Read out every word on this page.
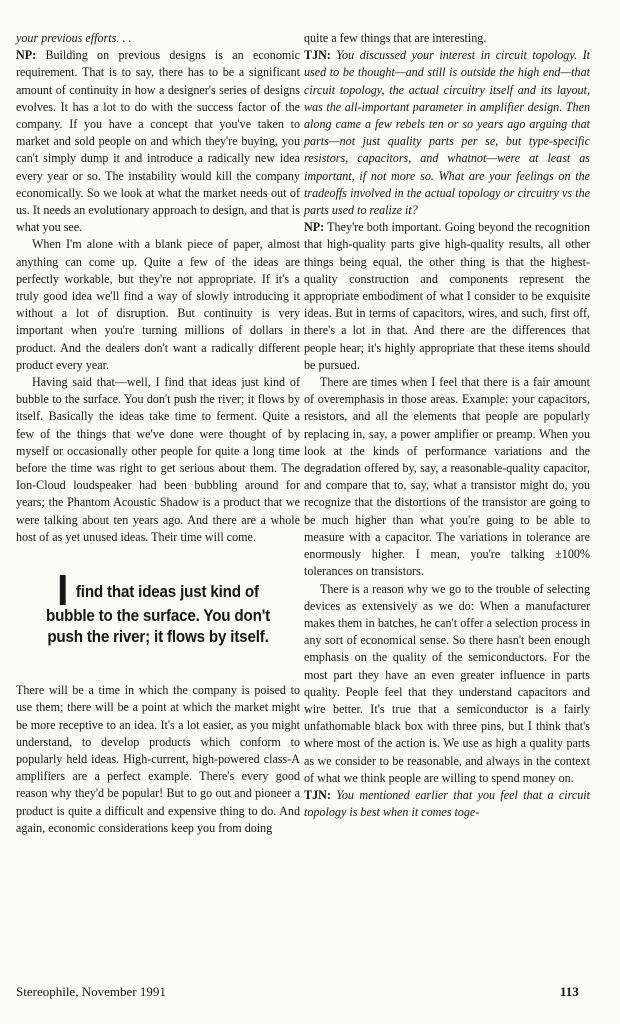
your previous efforts. . .

NP: Building on previous designs is an economic requirement. That is to say, there has to be a significant amount of continuity in how a designer's series of designs evolves. It has a lot to do with the success factor of the company. If you have a concept that you've taken to market and sold people on and which they're buying, you can't simply dump it and introduce a radically new idea every year or so. The instability would kill the company economically. So we look at what the market needs out of us. It needs an evolutionary approach to design, and that is what you see.

When I'm alone with a blank piece of paper, almost anything can come up. Quite a few of the ideas are perfectly workable, but they're not appropriate. If it's a truly good idea we'll find a way of slowly introducing it without a lot of disruption. But continuity is very important when you're turning millions of dollars in product. And the dealers don't want a radically different product every year.

Having said that—well, I find that ideas just kind of bubble to the surface. You don't push the river; it flows by itself. Basically the ideas take time to ferment. Quite a few of the things that we've done were thought of by myself or occasionally other people for quite a long time before the time was right to get serious about them. The Ion-Cloud loudspeaker had been bubbling around for years; the Phantom Acoustic Shadow is a product that we were talking about ten years ago. And there are a whole host of as yet unused ideas. Their time will come.

I find that ideas just kind of bubble to the surface. You don't push the river; it flows by itself.

There will be a time in which the company is poised to use them; there will be a point at which the market might be more receptive to an idea. It's a lot easier, as you might understand, to develop products which conform to popularly held ideas. High-current, high-powered class-A amplifiers are a perfect example. There's every good reason why they'd be popular! But to go out and pioneer a product is quite a difficult and expensive thing to do. And again, economic considerations keep you from doing

quite a few things that are interesting.

TJN: You discussed your interest in circuit topology. It used to be thought—and still is outside the high end—that circuit topology, the actual circuitry itself and its layout, was the all-important parameter in amplifier design. Then along came a few rebels ten or so years ago arguing that parts—not just quality parts per se, but type-specific resistors, capacitors, and whatnot—were at least as important, if not more so. What are your feelings on the tradeoffs involved in the actual topology or circuitry vs the parts used to realize it?

NP: They're both important. Going beyond the recognition that high-quality parts give high-quality results, all other things being equal, the other thing is that the highest-quality construction and components represent the appropriate embodiment of what I consider to be exquisite ideas. But in terms of capacitors, wires, and such, first off, there's a lot in that. And there are the differences that people hear; it's highly appropriate that these items should be pursued.

There are times when I feel that there is a fair amount of overemphasis in those areas. Example: your capacitors, resistors, and all the elements that people are popularly replacing in, say, a power amplifier or preamp. When you look at the kinds of performance variations and the degradation offered by, say, a reasonable-quality capacitor, and compare that to, say, what a transistor might do, you recognize that the distortions of the transistor are going to be much higher than what you're going to be able to measure with a capacitor. The variations in tolerance are enormously higher. I mean, you're talking ±100% tolerances on transistors.

There is a reason why we go to the trouble of selecting devices as extensively as we do: When a manufacturer makes them in batches, he can't offer a selection process in any sort of economical sense. So there hasn't been enough emphasis on the quality of the semiconductors. For the most part they have an even greater influence in parts quality. People feel that they understand capacitors and wire better. It's true that a semiconductor is a fairly unfathomable black box with three pins, but I think that's where most of the action is. We use as high a quality parts as we consider to be reasonable, and always in the context of what we think people are willing to spend money on.

TJN: You mentioned earlier that you feel that a circuit topology is best when it comes toge-

Stereophile, November 1991	113
